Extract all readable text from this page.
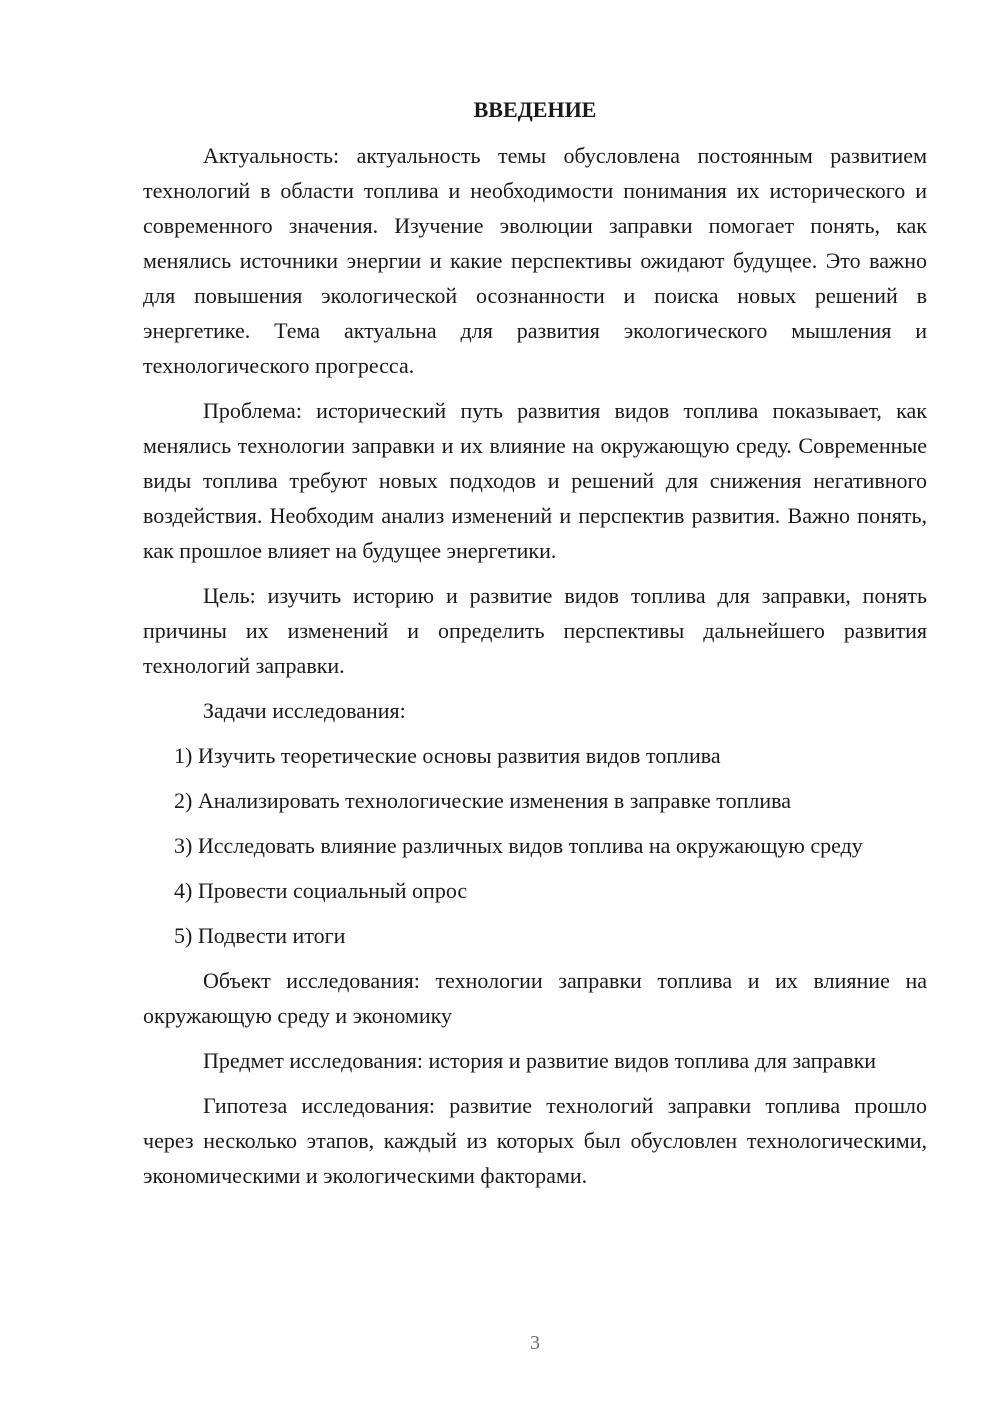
ВВЕДЕНИЕ

Актуальность: актуальность темы обусловлена постоянным развитием технологий в области топлива и необходимости понимания их исторического и современного значения. Изучение эволюции заправки помогает понять, как менялись источники энергии и какие перспективы ожидают будущее. Это важно для повышения экологической осознанности и поиска новых решений в энергетике. Тема актуальна для развития экологического мышления и технологического прогресса.

Проблема: исторический путь развития видов топлива показывает, как менялись технологии заправки и их влияние на окружающую среду. Современные виды топлива требуют новых подходов и решений для снижения негативного воздействия. Необходим анализ изменений и перспектив развития. Важно понять, как прошлое влияет на будущее энергетики.

Цель: изучить историю и развитие видов топлива для заправки, понять причины их изменений и определить перспективы дальнейшего развития технологий заправки.

Задачи исследования:

1) Изучить теоретические основы развития видов топлива

2) Анализировать технологические изменения в заправке топлива

3) Исследовать влияние различных видов топлива на окружающую среду

4) Провести социальный опрос

5) Подвести итоги

Объект исследования: технологии заправки топлива и их влияние на окружающую среду и экономику

Предмет исследования: история и развитие видов топлива для заправки

Гипотеза исследования: развитие технологий заправки топлива прошло через несколько этапов, каждый из которых был обусловлен технологическими, экономическими и экологическими факторами.

3
